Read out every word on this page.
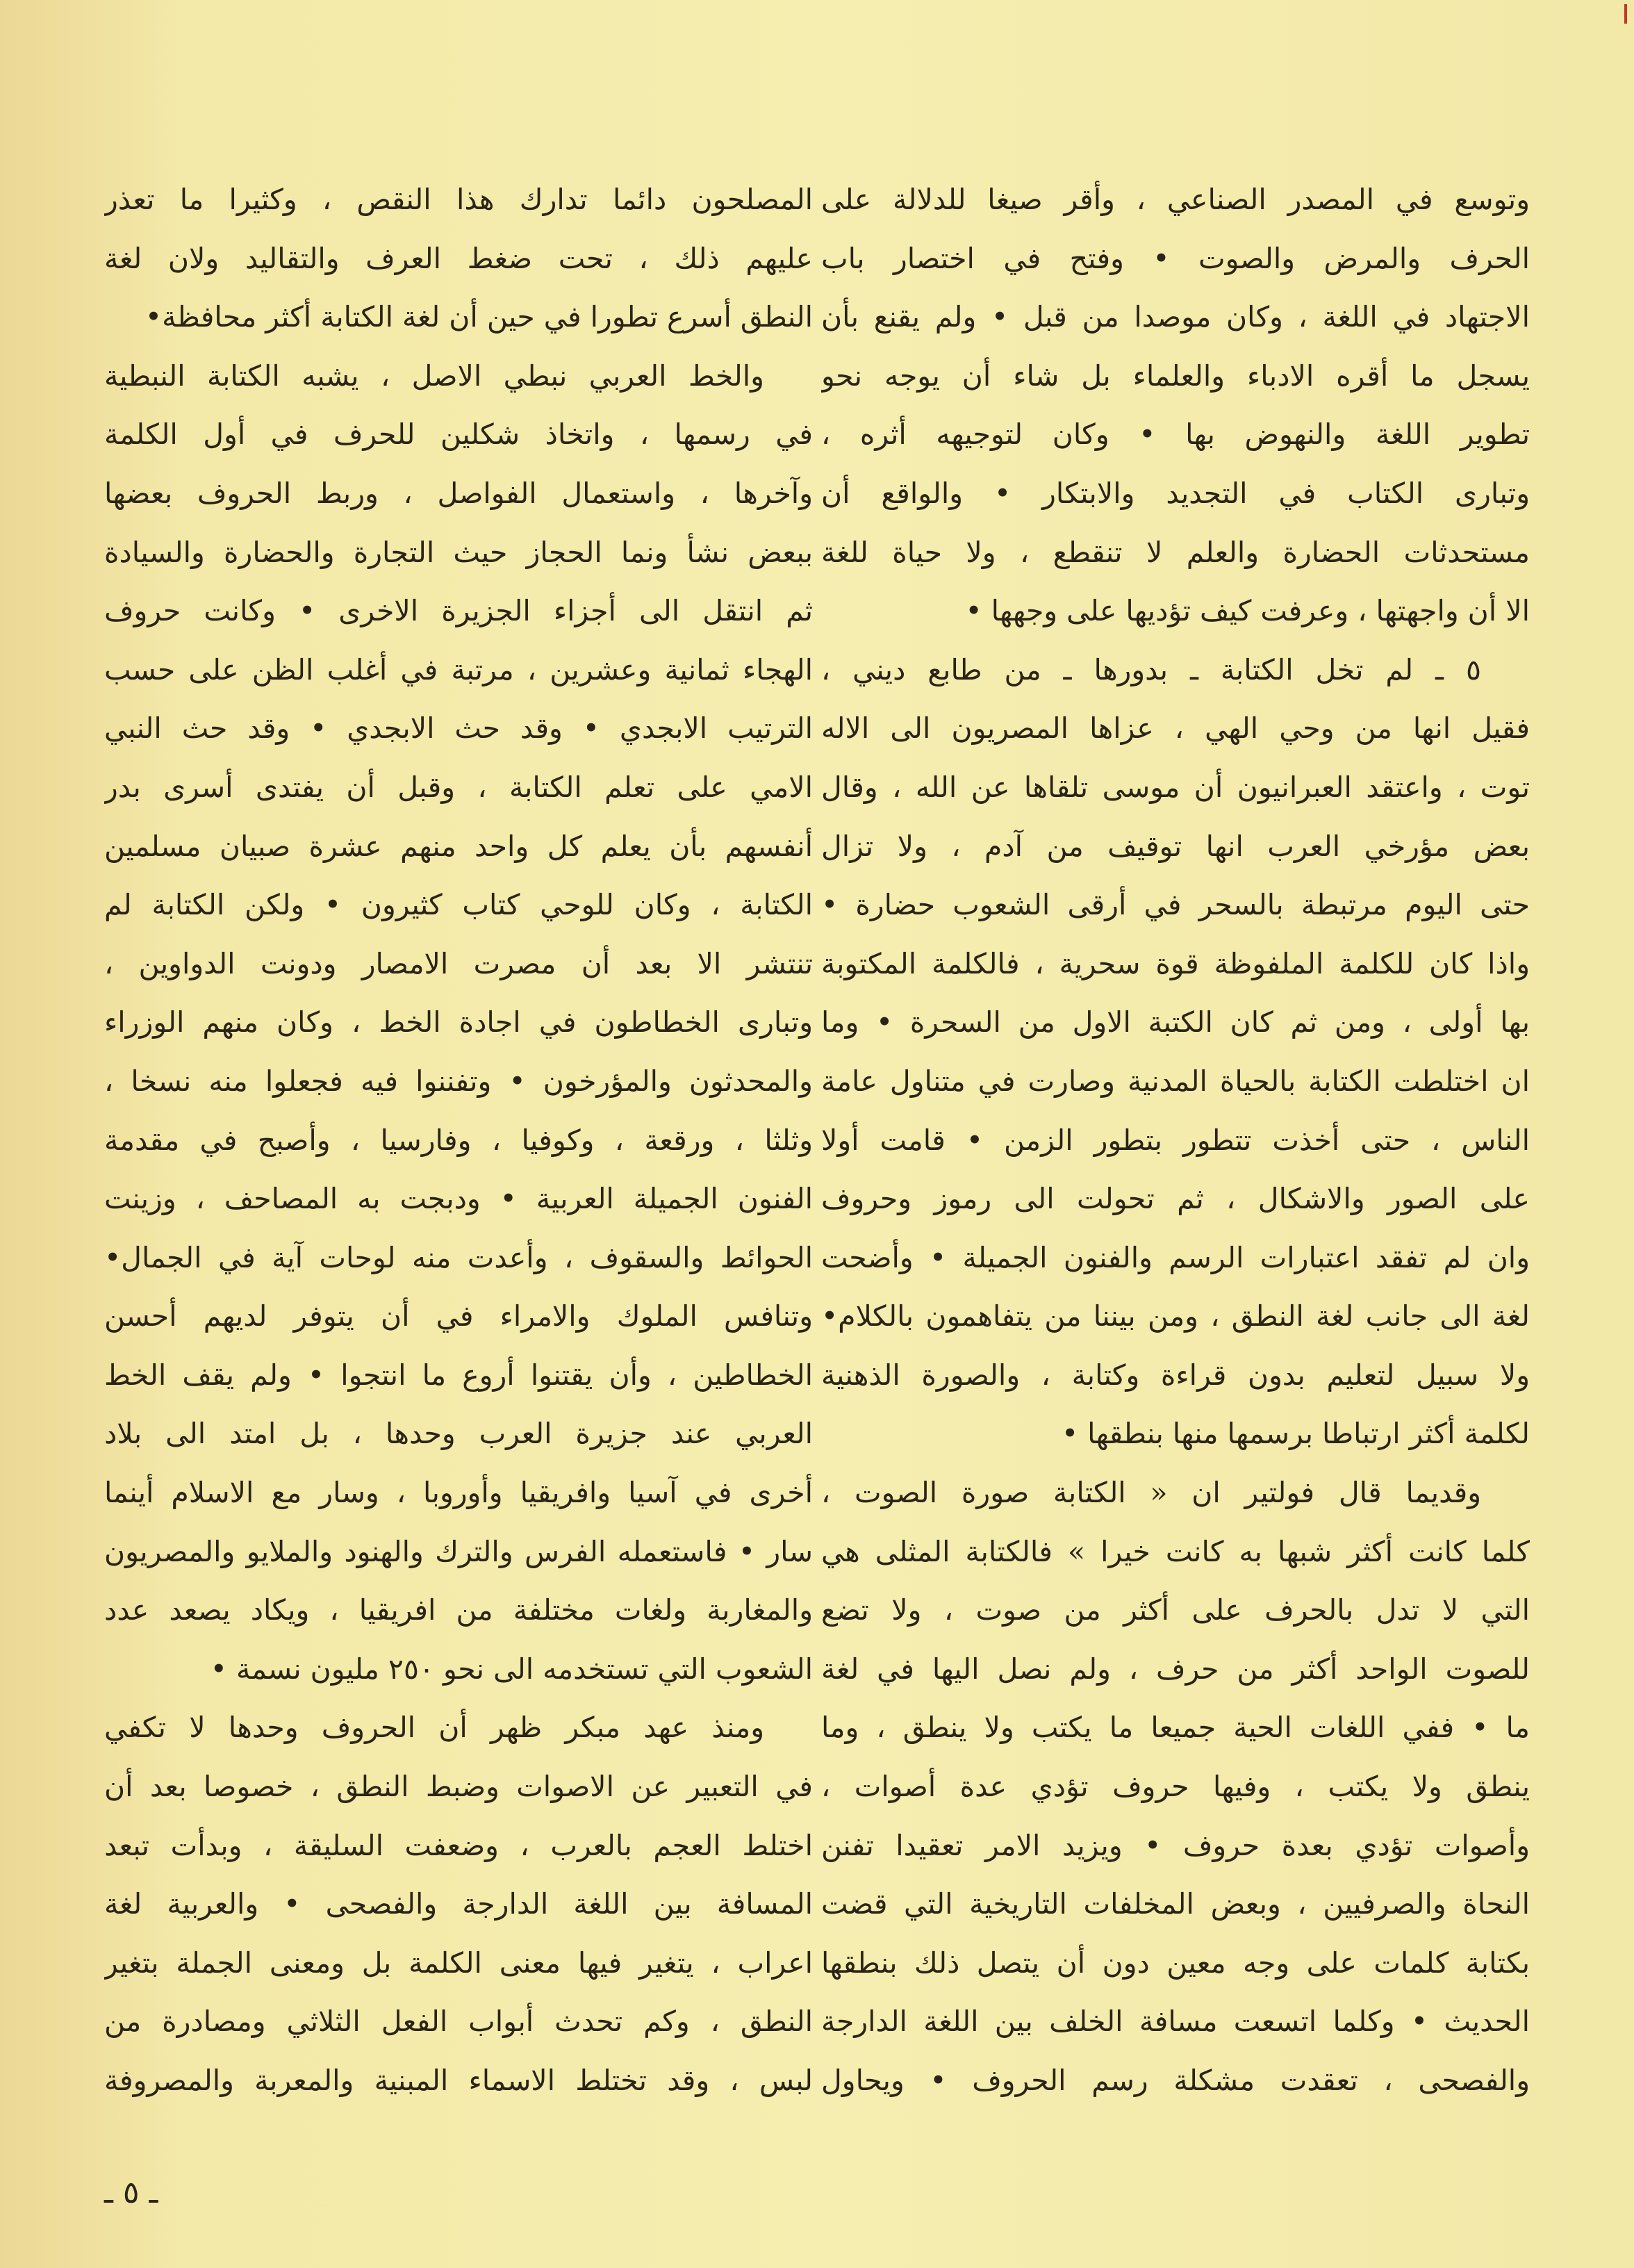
وتوسع في المصدر الصناعي ، وأقر صيغا للدلالة على
الحرف والمرض والصوت • وفتح في اختصار باب
الاجتهاد في اللغة ، وكان موصدا من قبل • ولم يقنع بأن
يسجل ما أقره الادباء والعلماء بل شاء أن يوجه نحو
تطوير اللغة والنهوض بها • وكان لتوجيهه أثره ،
وتبارى الكتاب في التجديد والابتكار • والواقع أن
مستحدثات الحضارة والعلم لا تنقطع ، ولا حياة للغة
الا أن واجهتها ، وعرفت كيف تؤديها على وجهها •
٥ ـ لم تخل الكتابة ـ بدورها ـ من طابع ديني ،
فقيل انها من وحي الهي ، عزاها المصريون الى الاله
توت ، واعتقد العبرانيون أن موسى تلقاها عن الله ، وقال
بعض مؤرخي العرب انها توقيف من آدم ، ولا تزال
حتى اليوم مرتبطة بالسحر في أرقى الشعوب حضارة •
واذا كان للكلمة الملفوظة قوة سحرية ، فالكلمة المكتوبة
بها أولى ، ومن ثم كان الكتبة الاول من السحرة • وما
ان اختلطت الكتابة بالحياة المدنية وصارت في متناول عامة
الناس ، حتى أخذت تتطور بتطور الزمن • قامت أولا
على الصور والاشكال ، ثم تحولت الى رموز وحروف
وان لم تفقد اعتبارات الرسم والفنون الجميلة • وأضحت
لغة الى جانب لغة النطق ، ومن بيننا من يتفاهمون بالكلام•
ولا سبيل لتعليم بدون قراءة وكتابة ، والصورة الذهنية
لكلمة أكثر ارتباطا برسمها منها بنطقها •
وقديما قال فولتير ان « الكتابة صورة الصوت ،
كلما كانت أكثر شبها به كانت خيرا » فالكتابة المثلى هي
التي لا تدل بالحرف على أكثر من صوت ، ولا تضع
للصوت الواحد أكثر من حرف ، ولم نصل اليها في لغة
ما • ففي اللغات الحية جميعا ما يكتب ولا ينطق ، وما
ينطق ولا يكتب ، وفيها حروف تؤدي عدة أصوات ،
وأصوات تؤدي بعدة حروف • ويزيد الامر تعقيدا تفنن
النحاة والصرفيين ، وبعض المخلفات التاريخية التي قضت
بكتابة كلمات على وجه معين دون أن يتصل ذلك بنطقها
الحديث • وكلما اتسعت مسافة الخلف بين اللغة الدارجة
والفصحى ، تعقدت مشكلة رسم الحروف • ويحاول
المصلحون دائما تدارك هذا النقص ، وكثيرا ما تعذر
عليهم ذلك ، تحت ضغط العرف والتقاليد ولان لغة
النطق أسرع تطورا في حين أن لغة الكتابة أكثر محافظة•
والخط العربي نبطي الاصل ، يشبه الكتابة النبطية
في رسمها ، واتخاذ شكلين للحرف في أول الكلمة
وآخرها ، واستعمال الفواصل ، وربط الحروف بعضها
ببعض نشأ ونما الحجاز حيث التجارة والحضارة والسيادة
ثم انتقل الى أجزاء الجزيرة الاخرى • وكانت حروف
الهجاء ثمانية وعشرين ، مرتبة في أغلب الظن على حسب
الترتيب الابجدي • وقد حث الابجدي • وقد حث النبي
الامي على تعلم الكتابة ، وقبل أن يفتدى أسرى بدر
أنفسهم بأن يعلم كل واحد منهم عشرة صبيان مسلمين
الكتابة ، وكان للوحي كتاب كثيرون • ولكن الكتابة لم
تنتشر الا بعد أن مصرت الامصار ودونت الدواوين ،
وتبارى الخطاطون في اجادة الخط ، وكان منهم الوزراء
والمحدثون والمؤرخون • وتفننوا فيه فجعلوا منه نسخا ،
وثلثا ، ورقعة ، وكوفيا ، وفارسيا ، وأصبح في مقدمة
الفنون الجميلة العربية • ودبجت به المصاحف ، وزينت
الحوائط والسقوف ، وأعدت منه لوحات آية في الجمال•
وتنافس الملوك والامراء في أن يتوفر لديهم أحسن
الخطاطين ، وأن يقتنوا أروع ما انتجوا • ولم يقف الخط
العربي عند جزيرة العرب وحدها ، بل امتد الى بلاد
أخرى في آسيا وافريقيا وأوروبا ، وسار مع الاسلام أينما
سار • فاستعمله الفرس والترك والهنود والملايو والمصريون
والمغاربة ولغات مختلفة من افريقيا ، ويكاد يصعد عدد
الشعوب التي تستخدمه الى نحو ٢٥٠ مليون نسمة •
ومنذ عهد مبكر ظهر أن الحروف وحدها لا تكفي
في التعبير عن الاصوات وضبط النطق ، خصوصا بعد أن
اختلط العجم بالعرب ، وضعفت السليقة ، وبدأت تبعد
المسافة بين اللغة الدارجة والفصحى • والعربية لغة
اعراب ، يتغير فيها معنى الكلمة بل ومعنى الجملة بتغير
النطق ، وكم تحدث أبواب الفعل الثلاثي ومصادرة من
لبس ، وقد تختلط الاسماء المبنية والمعربة والمصروفة
ـ ٥ ـ
